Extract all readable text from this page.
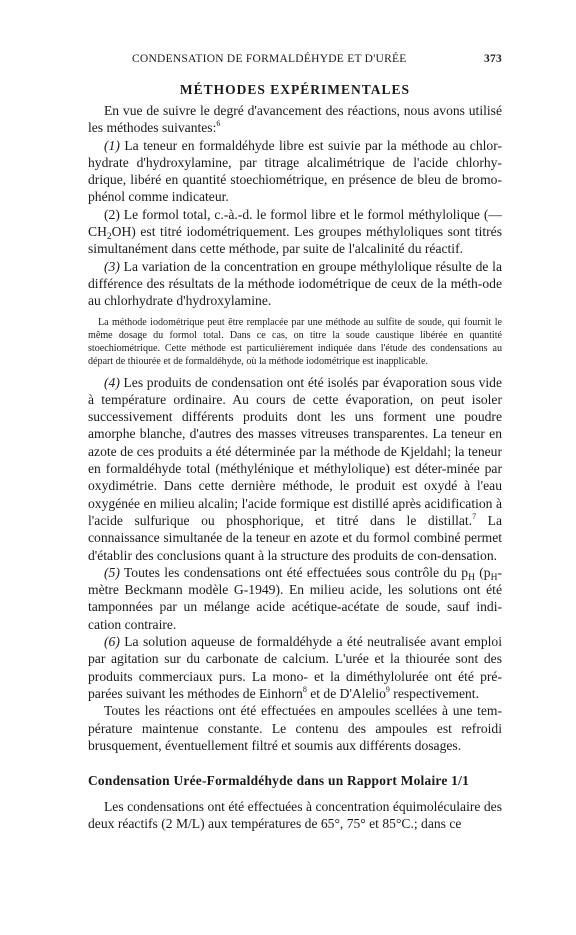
CONDENSATION DE FORMALDÉHYDE ET D'URÉE	373
MÉTHODES EXPÉRIMENTALES

En vue de suivre le degré d'avancement des réactions, nous avons utilisé les méthodes suivantes:$^6$

(1) La teneur en formaldéhyde libre est suivie par la méthode au chlor-hydrate d'hydroxylamine, par titrage alcalimétrique de l'acide chlorhy-drique, libéré en quantité stoechiométrique, en présence de bleu de bromo-phénol comme indicateur.

(2) Le formol total, c.-à.-d. le formol libre et le formol méthylolique $(—CH_2OH)$ est titré iodométriquement. Les groupes méthyloliques sont titrés simultanément dans cette méthode, par suite de l'alcalinité du réactif.

(3) La variation de la concentration en groupe méthylolique résulte de la différence des résultats de la méthode iodométrique de ceux de la méth-ode au chlorhydrate d'hydroxylamine.

La méthode iodométrique peut être remplacée par une méthode au sulfite de soude, qui fournit le même dosage du formol total. Dans ce cas, on titre la soude caustique libérée en quantité stoechiométrique. Cette méthode est particulièrement indiquée dans l'étude des condensations au départ de thiourée et de formaldéhyde, où la méthode iodométrique est inapplicable.

(4) Les produits de condensation ont été isolés par évaporation sous vide à température ordinaire. Au cours de cette évaporation, on peut isoler successivement différents produits dont les uns forment une poudre amorphe blanche, d'autres des masses vitreuses transparentes. La teneur en azote de ces produits a été déterminée par la méthode de Kjeldahl; la teneur en formaldéhyde total (méthylénique et méthylolique) est déter-minée par oxydimétrie. Dans cette dernière méthode, le produit est oxydé à l'eau oxygénée en milieu alcalin; l'acide formique est distillé après acidification à l'acide sulfurique ou phosphorique, et titré dans le distillat.$^7$ La connaissance simultanée de la teneur en azote et du formol combiné permet d'établir des conclusions quant à la structure des produits de con-densation.

(5) Toutes les condensations ont été effectuées sous contrôle du $p_H$ ($p_H$-mètre Beckmann modèle G-1949). En milieu acide, les solutions ont été tamponnées par un mélange acide acétique-acétate de soude, sauf indi-cation contraire.

(6) La solution aqueuse de formaldéhyde a été neutralisée avant emploi par agitation sur du carbonate de calcium. L'urée et la thiourée sont des produits commerciaux purs. La mono- et la diméthylolurée ont été pré-parées suivant les méthodes de Einhorn$^8$ et de D'Alelio$^9$ respectivement.

Toutes les réactions ont été effectuées en ampoules scellées à une tem-pérature maintenue constante. Le contenu des ampoules est refroidi brusquement, éventuellement filtré et soumis aux différents dosages.

Condensation Urée-Formaldéhyde dans un Rapport Molaire 1/1

Les condensations ont été effectuées à concentration équimoléculaire des deux réactifs (2 M/L) aux températures de 65°, 75° et 85°C.; dans ce
